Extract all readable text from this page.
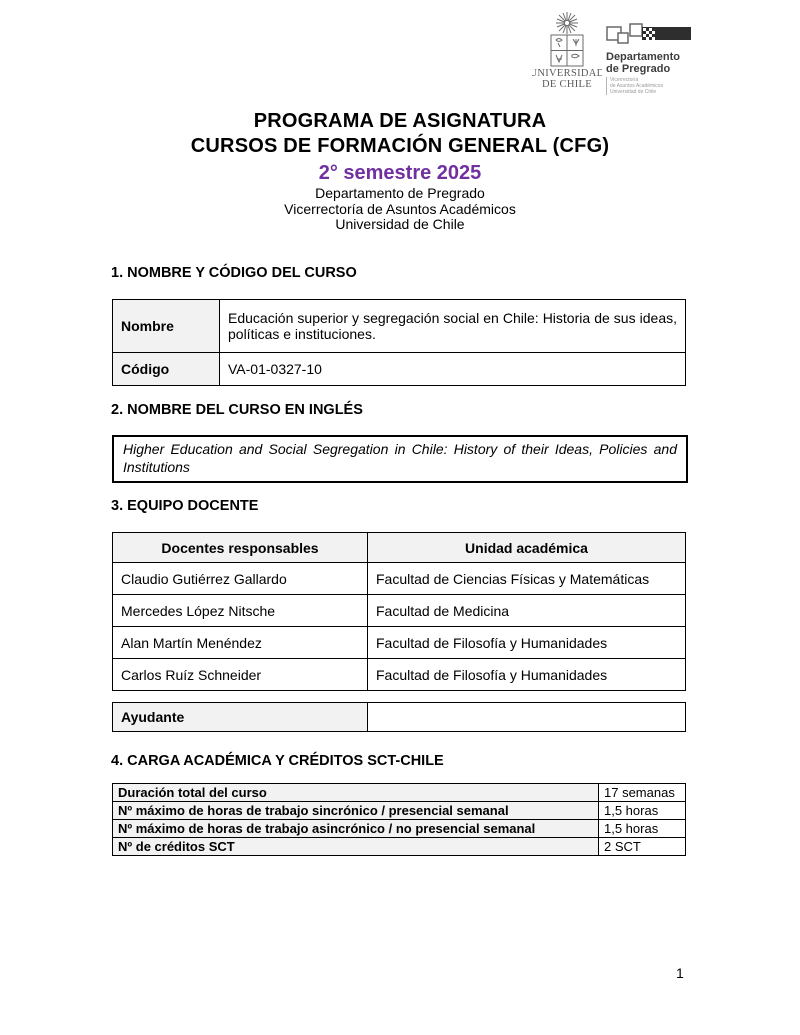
UNIVERSIDAD
DE CHILE
Departamento
de Pregrado
Vicerrectoría
de Asuntos Académicos
Universidad de Chile
PROGRAMA DE ASIGNATURA
CURSOS DE FORMACIÓN GENERAL (CFG)
2° semestre 2025
Departamento de Pregrado
Vicerrectoría de Asuntos Académicos
Universidad de Chile
1. NOMBRE Y CÓDIGO DEL CURSO
Nombre	Educación superior y segregación social en Chile: Historia de sus ideas, políticas e instituciones.
Código	VA-01-0327-10
2. NOMBRE DEL CURSO EN INGLÉS
Higher Education and Social Segregation in Chile: History of their Ideas, Policies and Institutions
3. EQUIPO DOCENTE
Docentes responsables	Unidad académica
Claudio Gutiérrez Gallardo	Facultad de Ciencias Físicas y Matemáticas
Mercedes López Nitsche	Facultad de Medicina
Alan Martín Menéndez	Facultad de Filosofía y Humanidades
Carlos Ruíz Schneider	Facultad de Filosofía y Humanidades
Ayudante	
4. CARGA ACADÉMICA Y CRÉDITOS SCT-CHILE
Duración total del curso	17 semanas
Nº máximo de horas de trabajo sincrónico / presencial semanal	1,5 horas
Nº máximo de horas de trabajo asincrónico / no presencial semanal	1,5 horas
Nº de créditos SCT	2 SCT
1
